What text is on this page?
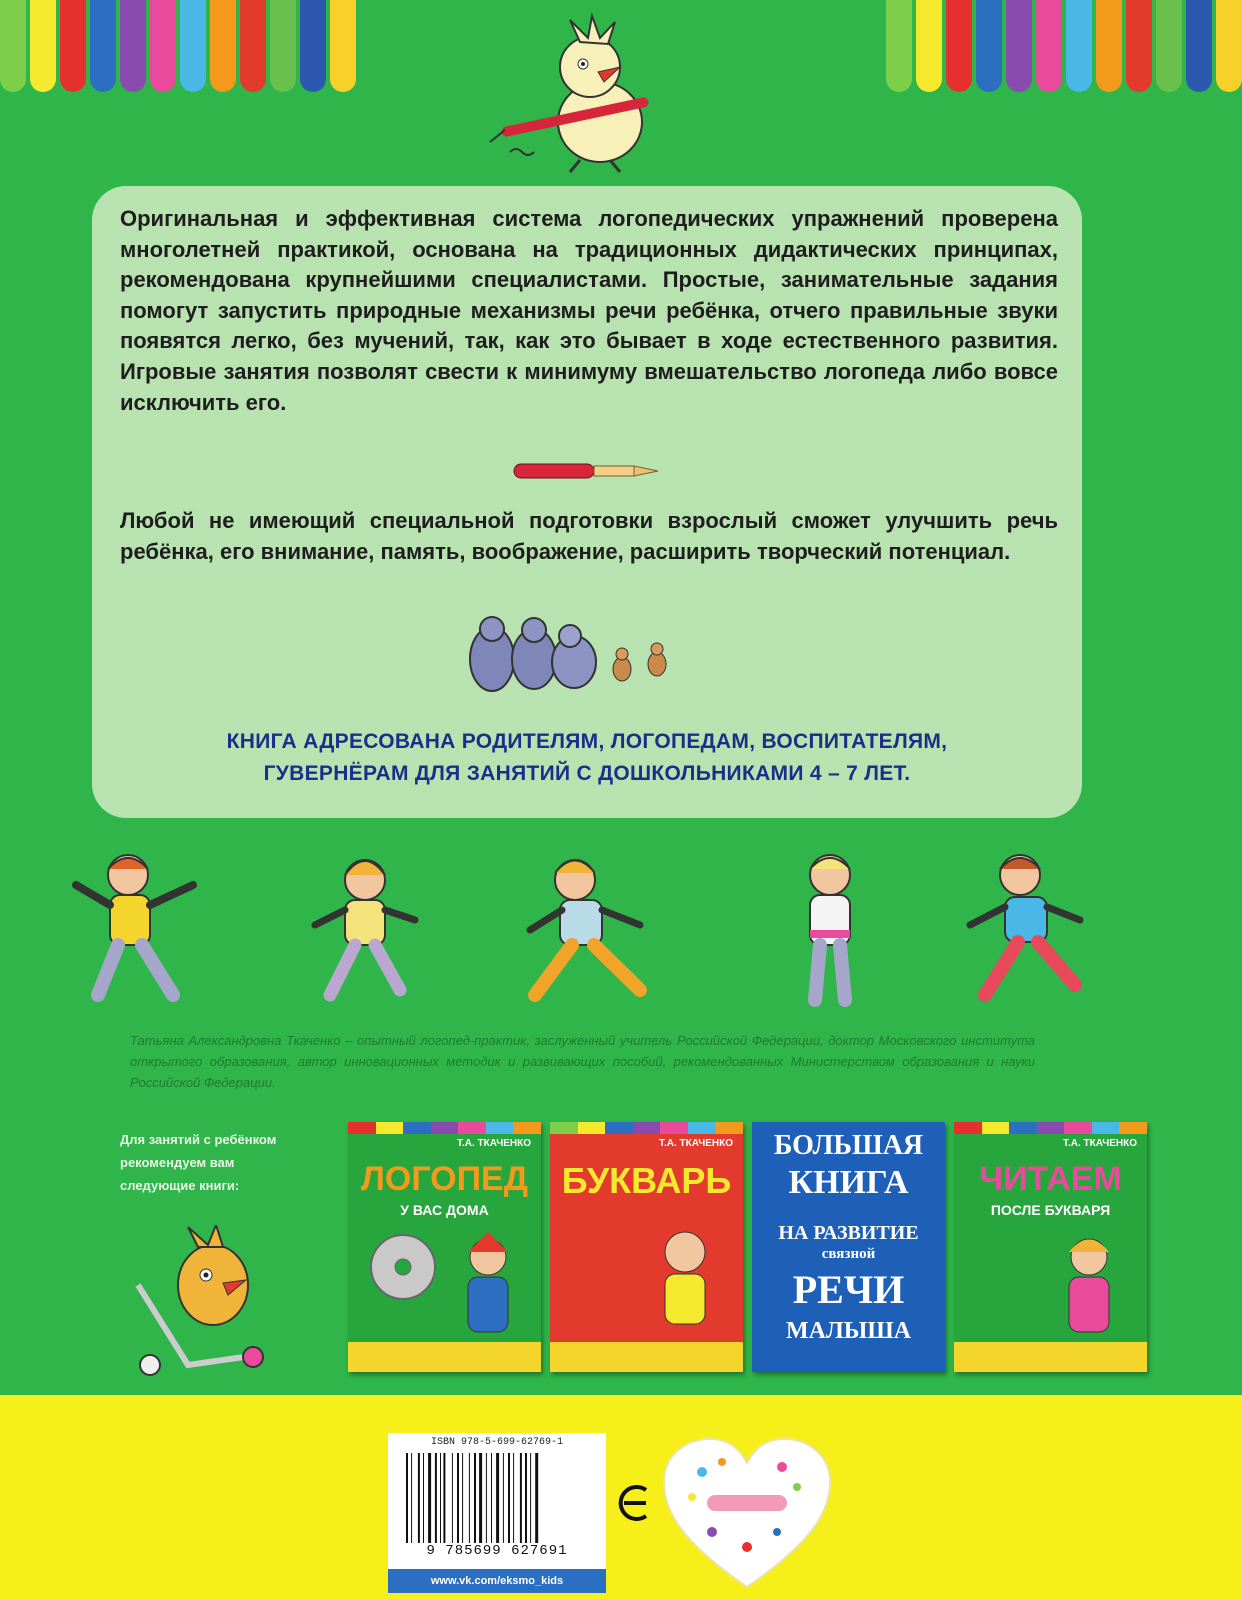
Оригинальная и эффективная система логопедических упражнений проверена многолетней практикой, основана на традиционных дидактических принципах, рекомендована крупнейшими специалистами. Простые, занимательные задания помогут запустить природные механизмы речи ребёнка, отчего правильные звуки появятся легко, без мучений, так, как это бывает в ходе естественного развития. Игровые занятия позволят свести к минимуму вмешательство логопеда либо вовсе исключить его.

Любой не имеющий специальной подготовки взрослый сможет улучшить речь ребёнка, его внимание, память, воображение, расширить творческий потенциал.

КНИГА АДРЕСОВАНА РОДИТЕЛЯМ, ЛОГОПЕДАМ, ВОСПИТАТЕЛЯМ,
ГУВЕРНЁРАМ ДЛЯ ЗАНЯТИЙ С ДОШКОЛЬНИКАМИ 4 – 7 ЛЕТ.

Татьяна Александровна Ткаченко – опытный логопед-практик, заслуженный учитель Российской Федерации, доктор Московского института открытого образования, автор инновационных методик и развивающих пособий, рекомендованных Министерством образования и науки Российской Федерации.

Для занятий с ребёнком
рекомендуем вам
следующие книги:

Т.А. ТКАЧЕНКО
ЛОГОПЕД
У ВАС ДОМА
Т.А. ТКАЧЕНКО
БУКВАРЬ
БОЛЬШАЯ
КНИГА
НА РАЗВИТИЕ
связной
РЕЧИ
МАЛЫША
Т.А. ТКАЧЕНКО
ЧИТАЕМ
ПОСЛЕ БУКВАРЯ
ISBN 978-5-699-62769-1
9 785699 627691
www.vk.com/eksmo_kids
